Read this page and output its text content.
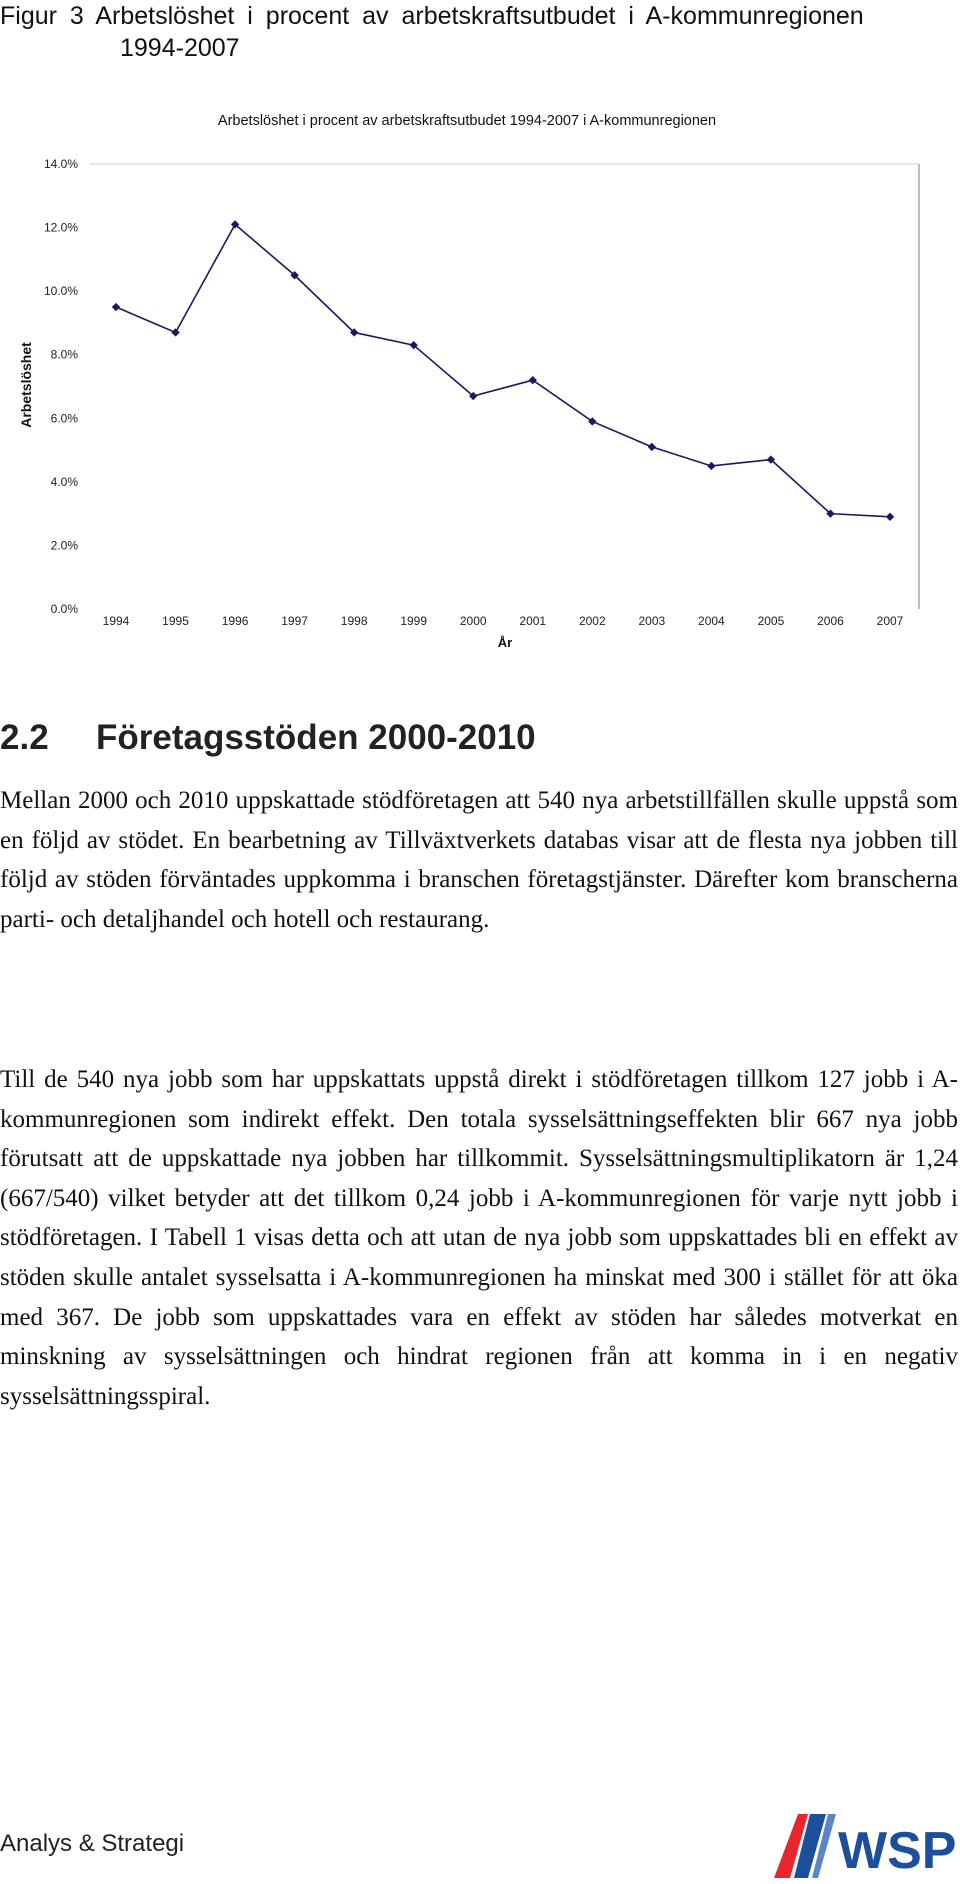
Figur 3 Arbetslöshet i procent av arbetskraftsutbudet i A-kommunregionen
1994-2007
Arbetslöshet i procent av arbetskraftsutbudet 1994-2007 i A-kommunregionen
0.0%
2.0%
4.0%
6.0%
8.0%
10.0%
12.0%
14.0%
1994	1995	1996	1997	1998	1999	2000	2001	2002	2003	2004	2005	2006	2007
Arbetslöshet
År
2.2 Företagsstöden 2000-2010

Mellan 2000 och 2010 uppskattade stödföretagen att 540 nya arbetstillfällen skulle uppstå som en följd av stödet. En bearbetning av Tillväxtverkets databas visar att de flesta nya jobben till följd av stöden förväntades uppkomma i branschen företagstjänster. Därefter kom branscherna parti- och detaljhandel och hotell och restaurang.

Till de 540 nya jobb som har uppskattats uppstå direkt i stödföretagen tillkom 127 jobb i A-kommunregionen som indirekt effekt. Den totala sysselsättningseffekten blir 667 nya jobb förutsatt att de uppskattade nya jobben har tillkommit. Sysselsättningsmultiplikatorn är 1,24 (667/540) vilket betyder att det tillkom 0,24 jobb i A-kommunregionen för varje nytt jobb i stödföretagen. I Tabell 1 visas detta och att utan de nya jobb som uppskattades bli en effekt av stöden skulle antalet sysselsatta i A-kommunregionen ha minskat med 300 i stället för att öka med 367. De jobb som uppskattades vara en effekt av stöden har således motverkat en minskning av sysselsättningen och hindrat regionen från att komma in i en negativ sysselsättningsspiral.

Analys & Strategi	WSP
